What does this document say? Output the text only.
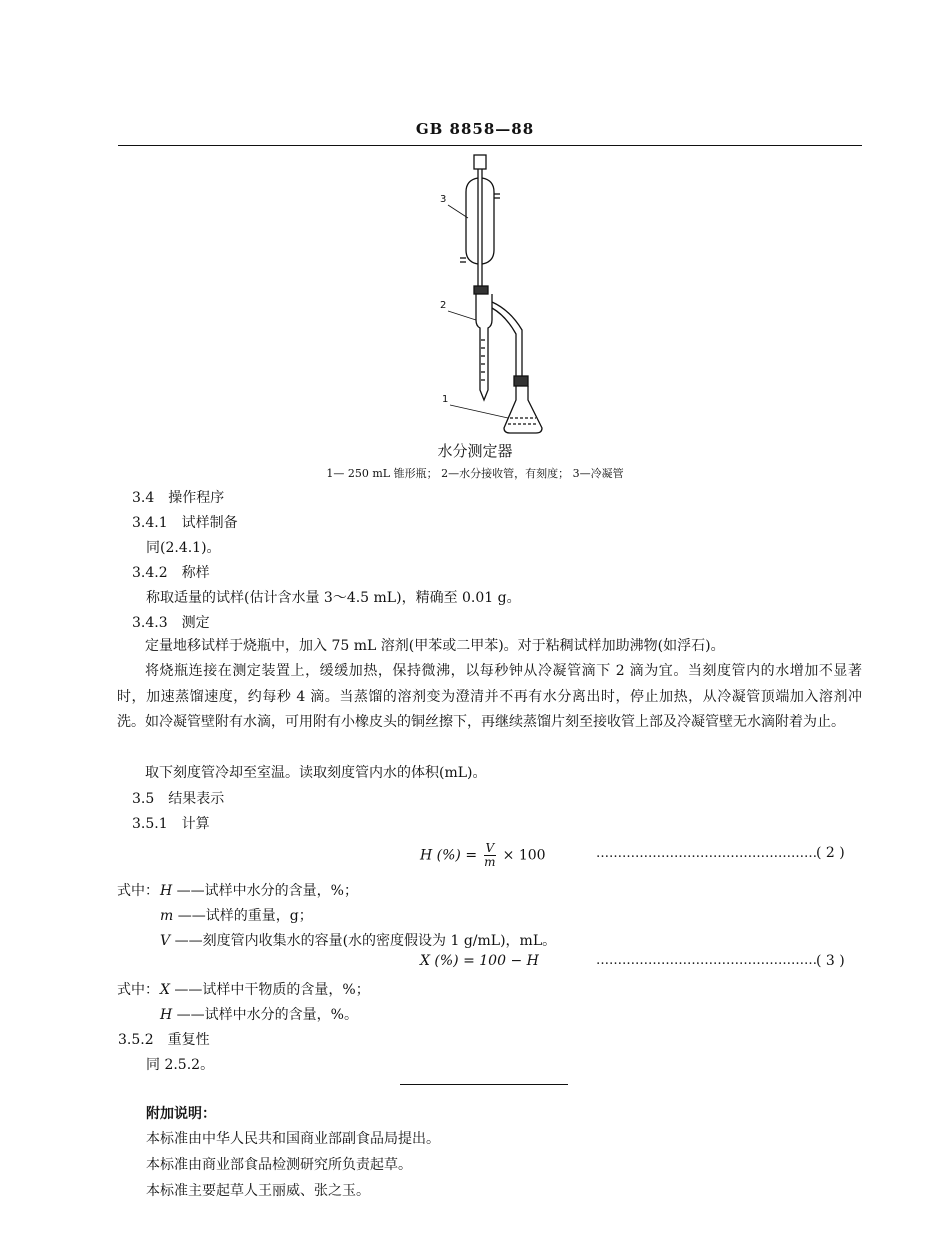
GB 8858—88
3
2
1
水分测定器
1— 250 mL 锥形瓶； 2—水分接收管，有刻度； 3—冷凝管
3.4　操作程序
3.4.1　试样制备
同(2.4.1)。
3.4.2　称样
称取适量的试样(估计含水量 3～4.5 mL)，精确至 0.01 g。
3.4.3　测定
定量地移试样于烧瓶中，加入 75 mL 溶剂(甲苯或二甲苯)。对于粘稠试样加助沸物(如浮石)。
将烧瓶连接在测定装置上，缓缓加热，保持微沸，以每秒钟从冷凝管滴下 2 滴为宜。当刻度管内的水增加不显著时，加速蒸馏速度，约每秒 4 滴。当蒸馏的溶剂变为澄清并不再有水分离出时，停止加热，从冷凝管顶端加入溶剂冲洗。如冷凝管壁附有水滴，可用附有小橡皮头的铜丝擦下，再继续蒸馏片刻至接收管上部及冷凝管壁无水滴附着为止。
取下刻度管冷却至室温。读取刻度管内水的体积(mL)。
3.5　结果表示
3.5.1　计算
H (%) = $\frac{V}{m} \times 100$	…………………………………………… ( 2 )
式中： H ——试样中水分的含量，%；
m ——试样的重量，g；
V ——刻度管内收集水的容量(水的密度假设为 1 g/mL)，mL。
X (%) = 100 − H	…………………………………………… ( 3 )
式中： X ——试样中干物质的含量，%；
H ——试样中水分的含量，%。
3.5.2　重复性
同 2.5.2。
附加说明：
本标准由中华人民共和国商业部副食品局提出。
本标准由商业部食品检测研究所负责起草。
本标准主要起草人王丽威、张之玉。
